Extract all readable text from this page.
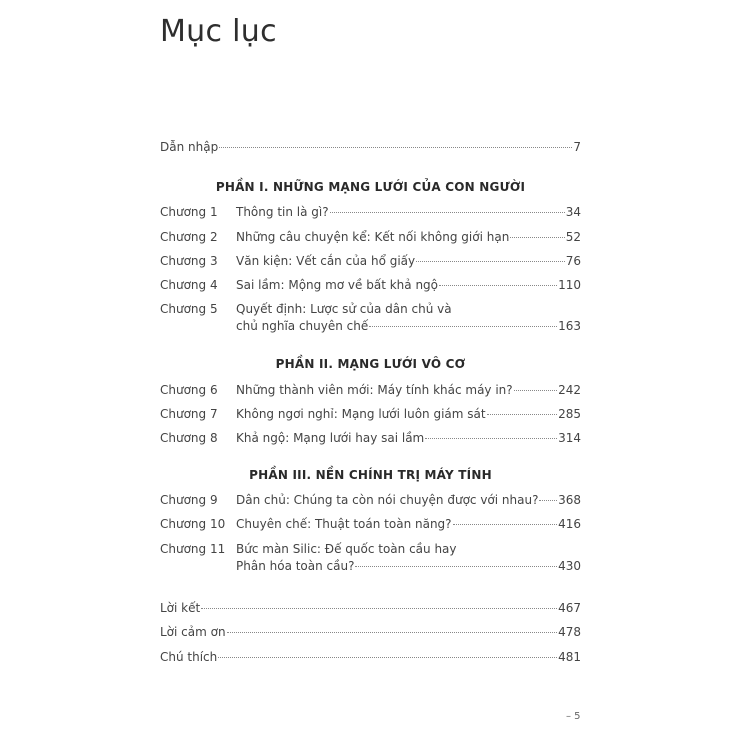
Mục lục
Dẫn nhập	7
PHẦN I. NHỮNG MẠNG LƯỚI CỦA CON NGƯỜI
Chương 1	Thông tin là gì?	34
Chương 2	Những câu chuyện kể: Kết nối không giới hạn	52
Chương 3	Văn kiện: Vết cắn của hổ giấy	76
Chương 4	Sai lầm: Mộng mơ về bất khả ngộ	110
Chương 5	Quyết định: Lược sử của dân chủ và
chủ nghĩa chuyên chế	163
PHẦN II. MẠNG LƯỚI VÔ CƠ
Chương 6	Những thành viên mới: Máy tính khác máy in?	242
Chương 7	Không ngơi nghỉ: Mạng lưới luôn giám sát	285
Chương 8	Khả ngộ: Mạng lưới hay sai lầm	314
PHẦN III. NỀN CHÍNH TRỊ MÁY TÍNH
Chương 9	Dân chủ: Chúng ta còn nói chuyện được với nhau? 368
Chương 10 Chuyên chế: Thuật toán toàn năng?	416
Chương 11 Bức màn Silic: Đế quốc toàn cầu hay
Phân hóa toàn cầu?	430
Lời kết	467
Lời cảm ơn	478
Chú thích	481
– 5
